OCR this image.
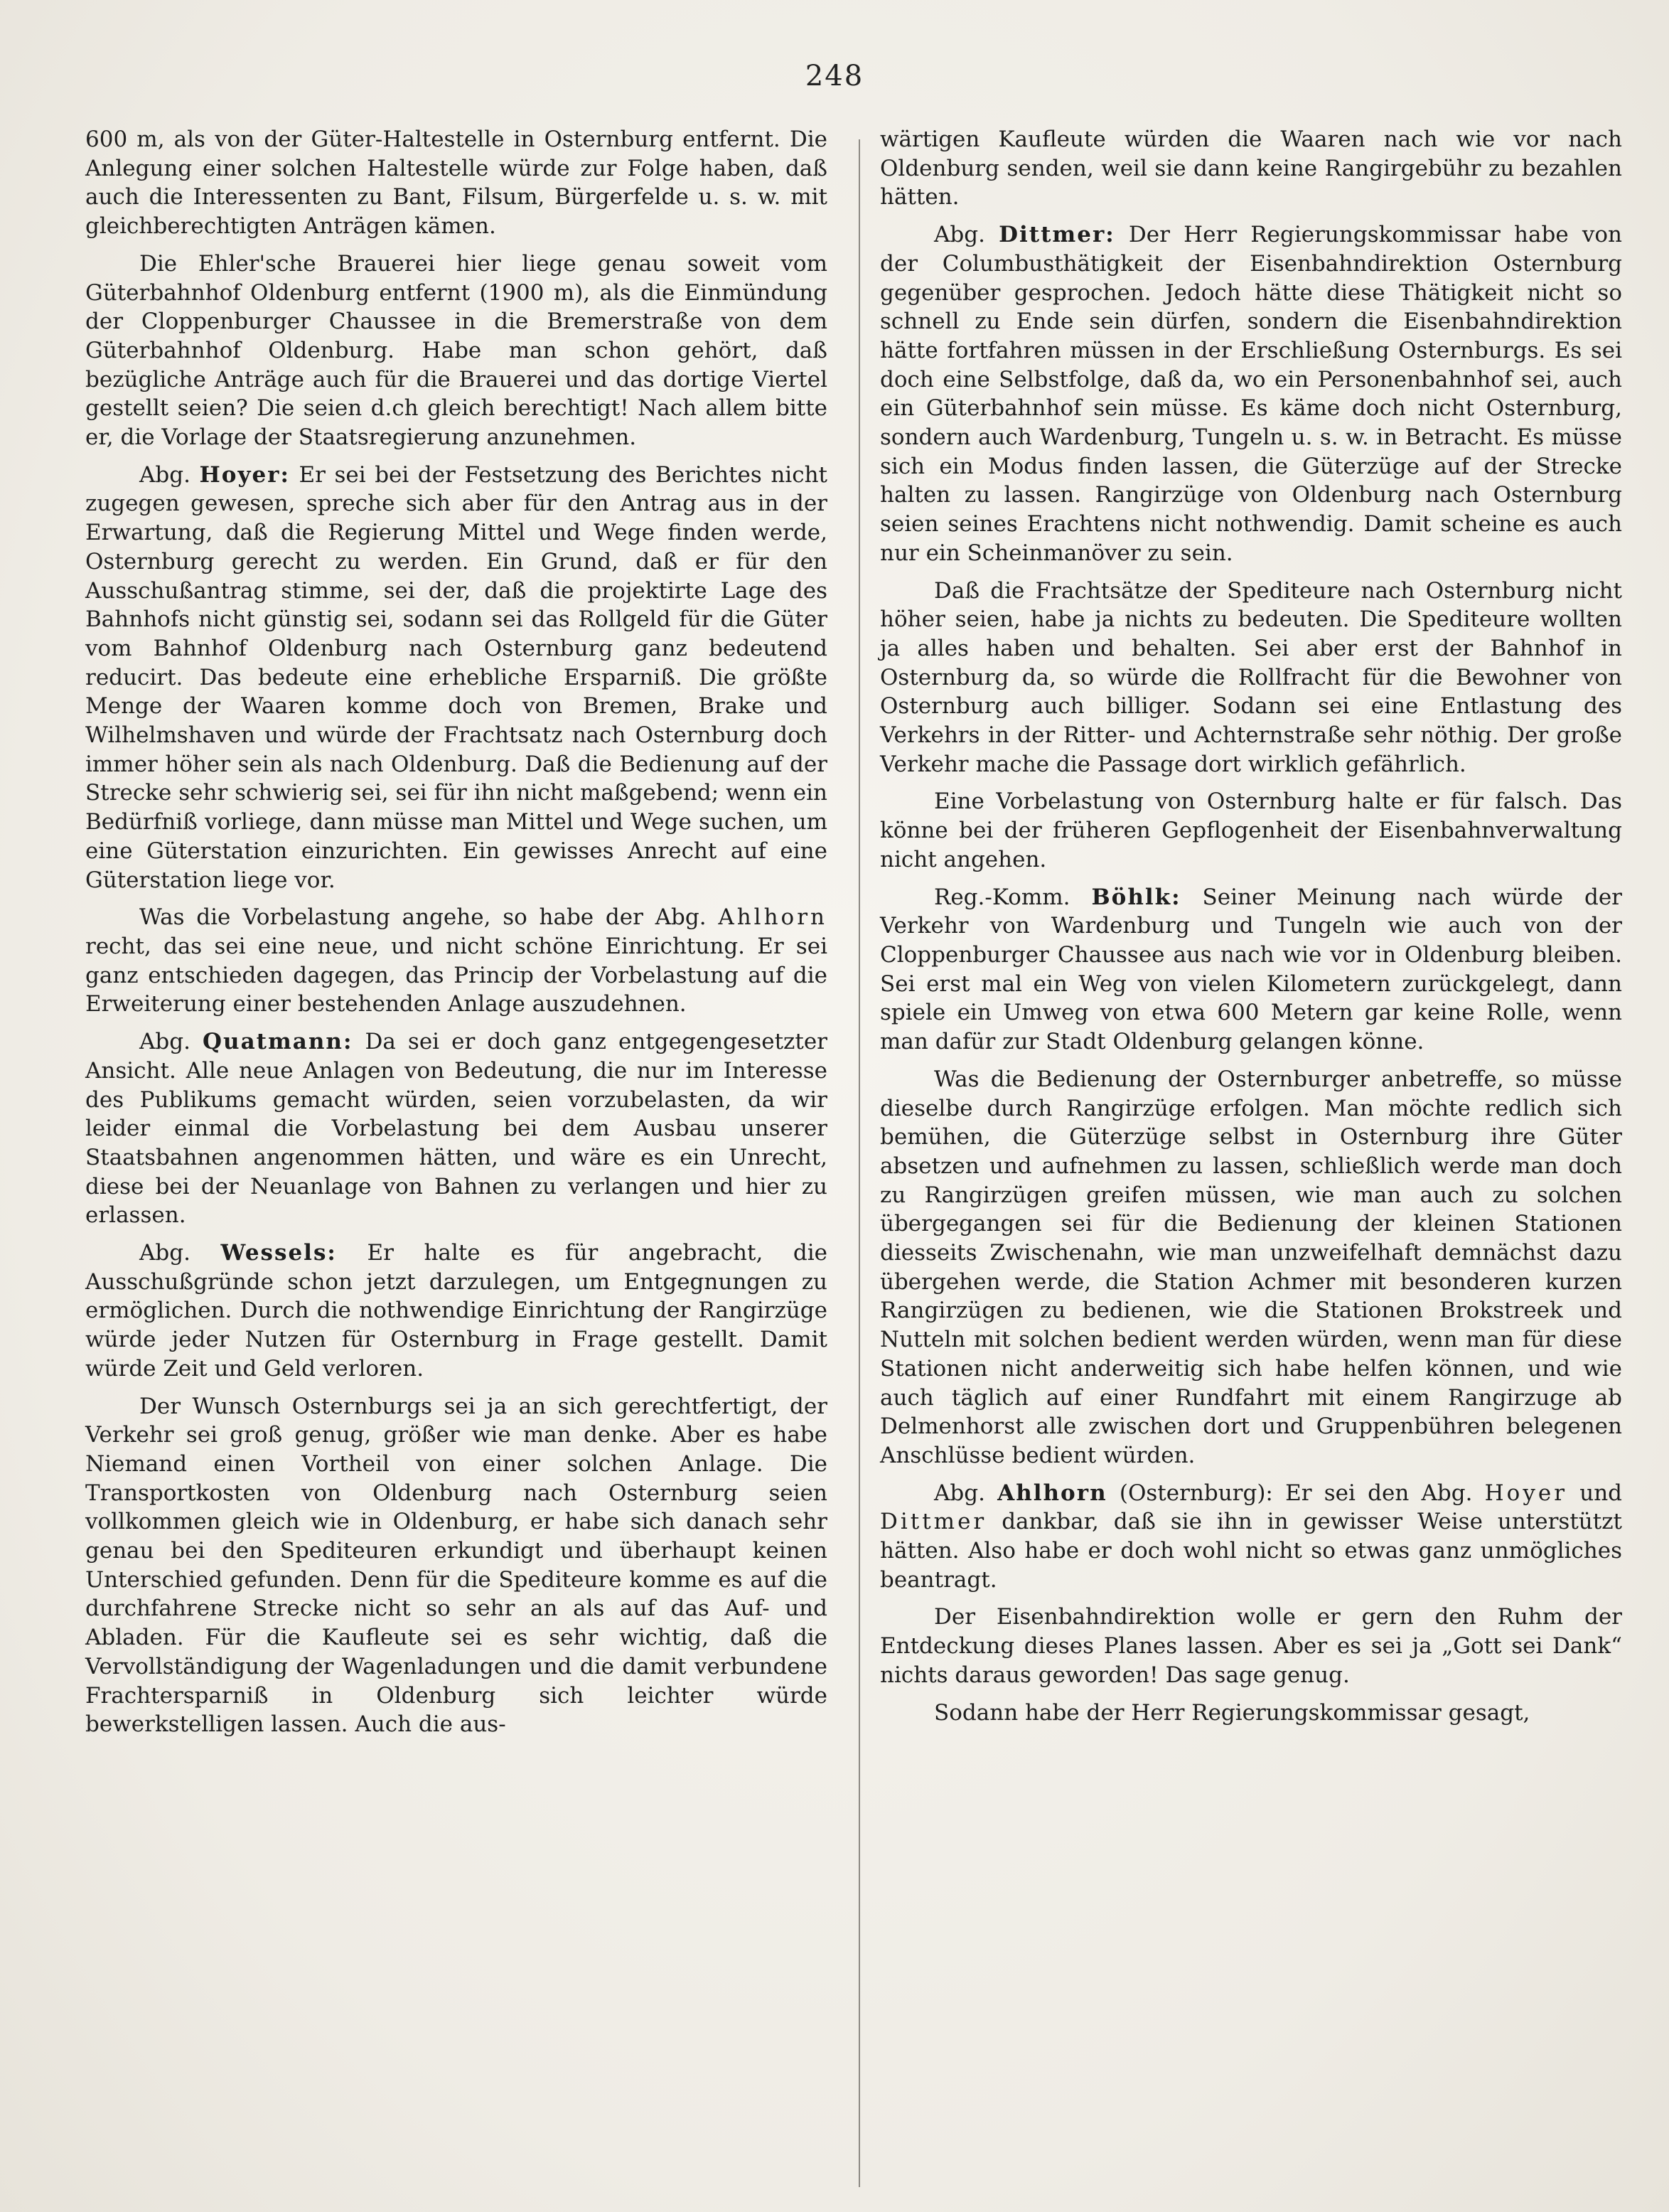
248

600 m, als von der Güter-Haltestelle in Osternburg entfernt. Die Anlegung einer solchen Haltestelle würde zur Folge haben, daß auch die Interessenten zu Bant, Filsum, Bürgerfelde u. s. w. mit gleichberechtigten Anträgen kämen.

Die Ehler'sche Brauerei hier liege genau soweit vom Güterbahnhof Oldenburg entfernt (1900 m), als die Einmündung der Cloppenburger Chaussee in die Bremerstraße von dem Güterbahnhof Oldenburg. Habe man schon gehört, daß bezügliche Anträge auch für die Brauerei und das dortige Viertel gestellt seien? Die seien d.ch gleich berechtigt! Nach allem bitte er, die Vorlage der Staatsregierung anzunehmen.

Abg. Hoyer: Er sei bei der Festsetzung des Berichtes nicht zugegen gewesen, spreche sich aber für den Antrag aus in der Erwartung, daß die Regierung Mittel und Wege finden werde, Osternburg gerecht zu werden. Ein Grund, daß er für den Ausschußantrag stimme, sei der, daß die projektirte Lage des Bahnhofs nicht günstig sei, sodann sei das Rollgeld für die Güter vom Bahnhof Oldenburg nach Osternburg ganz bedeutend reducirt. Das bedeute eine erhebliche Ersparniß. Die größte Menge der Waaren komme doch von Bremen, Brake und Wilhelmshaven und würde der Frachtsatz nach Osternburg doch immer höher sein als nach Oldenburg. Daß die Bedienung auf der Strecke sehr schwierig sei, sei für ihn nicht maßgebend; wenn ein Bedürfniß vorliege, dann müsse man Mittel und Wege suchen, um eine Güterstation einzurichten. Ein gewisses Anrecht auf eine Güterstation liege vor.

Was die Vorbelastung angehe, so habe der Abg. Ahlhorn recht, das sei eine neue, und nicht schöne Einrichtung. Er sei ganz entschieden dagegen, das Princip der Vorbelastung auf die Erweiterung einer bestehenden Anlage auszudehnen.

Abg. Quatmann: Da sei er doch ganz entgegengesetzter Ansicht. Alle neue Anlagen von Bedeutung, die nur im Interesse des Publikums gemacht würden, seien vorzubelasten, da wir leider einmal die Vorbelastung bei dem Ausbau unserer Staatsbahnen angenommen hätten, und wäre es ein Unrecht, diese bei der Neuanlage von Bahnen zu verlangen und hier zu erlassen.

Abg. Wessels: Er halte es für angebracht, die Ausschußgründe schon jetzt darzulegen, um Entgegnungen zu ermöglichen. Durch die nothwendige Einrichtung der Rangirzüge würde jeder Nutzen für Osternburg in Frage gestellt. Damit würde Zeit und Geld verloren.

Der Wunsch Osternburgs sei ja an sich gerechtfertigt, der Verkehr sei groß genug, größer wie man denke. Aber es habe Niemand einen Vortheil von einer solchen Anlage. Die Transportkosten von Oldenburg nach Osternburg seien vollkommen gleich wie in Oldenburg, er habe sich danach sehr genau bei den Spediteuren erkundigt und überhaupt keinen Unterschied gefunden. Denn für die Spediteure komme es auf die durchfahrene Strecke nicht so sehr an als auf das Auf- und Abladen. Für die Kaufleute sei es sehr wichtig, daß die Vervollständigung der Wagenladungen und die damit verbundene Frachtersparniß in Oldenburg sich leichter würde bewerkstelligen lassen. Auch die aus-

wärtigen Kaufleute würden die Waaren nach wie vor nach Oldenburg senden, weil sie dann keine Rangirgebühr zu bezahlen hätten.

Abg. Dittmer: Der Herr Regierungskommissar habe von der Columbusthätigkeit der Eisenbahndirektion Osternburg gegenüber gesprochen. Jedoch hätte diese Thätigkeit nicht so schnell zu Ende sein dürfen, sondern die Eisenbahndirektion hätte fortfahren müssen in der Erschließung Osternburgs. Es sei doch eine Selbstfolge, daß da, wo ein Personenbahnhof sei, auch ein Güterbahnhof sein müsse. Es käme doch nicht Osternburg, sondern auch Wardenburg, Tungeln u. s. w. in Betracht. Es müsse sich ein Modus finden lassen, die Güterzüge auf der Strecke halten zu lassen. Rangirzüge von Oldenburg nach Osternburg seien seines Erachtens nicht nothwendig. Damit scheine es auch nur ein Scheinmanöver zu sein.

Daß die Frachtsätze der Spediteure nach Osternburg nicht höher seien, habe ja nichts zu bedeuten. Die Spediteure wollten ja alles haben und behalten. Sei aber erst der Bahnhof in Osternburg da, so würde die Rollfracht für die Bewohner von Osternburg auch billiger. Sodann sei eine Entlastung des Verkehrs in der Ritter- und Achternstraße sehr nöthig. Der große Verkehr mache die Passage dort wirklich gefährlich.

Eine Vorbelastung von Osternburg halte er für falsch. Das könne bei der früheren Gepflogenheit der Eisenbahnverwaltung nicht angehen.

Reg.-Komm. Böhlk: Seiner Meinung nach würde der Verkehr von Wardenburg und Tungeln wie auch von der Cloppenburger Chaussee aus nach wie vor in Oldenburg bleiben. Sei erst mal ein Weg von vielen Kilometern zurückgelegt, dann spiele ein Umweg von etwa 600 Metern gar keine Rolle, wenn man dafür zur Stadt Oldenburg gelangen könne.

Was die Bedienung der Osternburger anbetreffe, so müsse dieselbe durch Rangirzüge erfolgen. Man möchte redlich sich bemühen, die Güterzüge selbst in Osternburg ihre Güter absetzen und aufnehmen zu lassen, schließlich werde man doch zu Rangirzügen greifen müssen, wie man auch zu solchen übergegangen sei für die Bedienung der kleinen Stationen diesseits Zwischenahn, wie man unzweifelhaft demnächst dazu übergehen werde, die Station Achmer mit besonderen kurzen Rangirzügen zu bedienen, wie die Stationen Brokstreek und Nutteln mit solchen bedient werden würden, wenn man für diese Stationen nicht anderweitig sich habe helfen können, und wie auch täglich auf einer Rundfahrt mit einem Rangirzuge ab Delmenhorst alle zwischen dort und Gruppenbühren belegenen Anschlüsse bedient würden.

Abg. Ahlhorn (Osternburg): Er sei den Abg. Hoyer und Dittmer dankbar, daß sie ihn in gewisser Weise unterstützt hätten. Also habe er doch wohl nicht so etwas ganz unmögliches beantragt.

Der Eisenbahndirektion wolle er gern den Ruhm der Entdeckung dieses Planes lassen. Aber es sei ja „Gott sei Dank“ nichts daraus geworden! Das sage genug.

Sodann habe der Herr Regierungskommissar gesagt,
